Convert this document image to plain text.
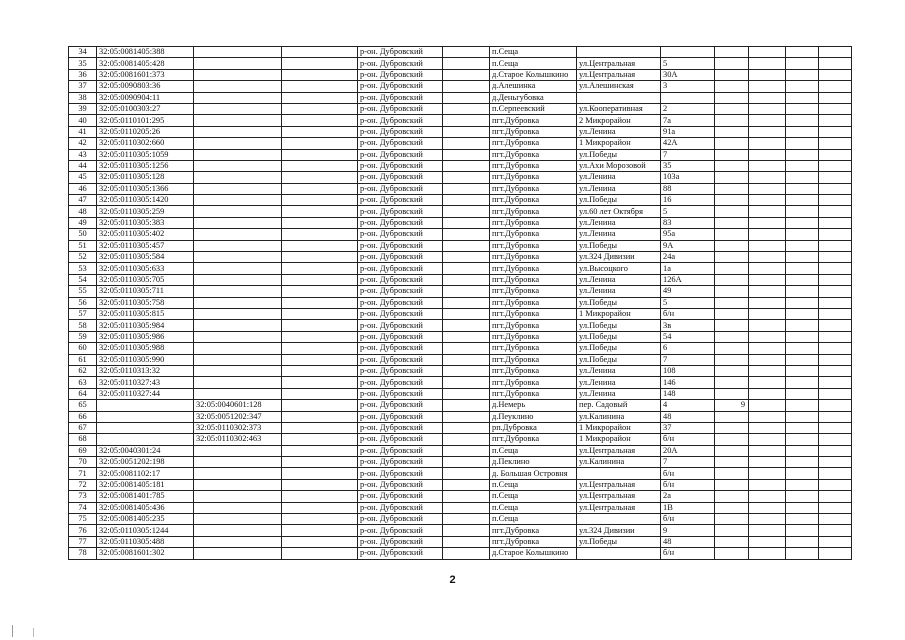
34	32:05:0081405:388			р-он. Дубровский		п.Сеща						
35	32:05:0081405:428			р-он. Дубровский		п.Сеща	ул.Центральная	5				
36	32:05:0081601:373			р-он. Дубровский		д.Старое Колышкино	ул.Центральная	30А				
37	32:05:0090803:36			р-он. Дубровский		д.Алешинка	ул.Алешинская	3				
38	32:05:0090904:11			р-он. Дубровский		д.Деньгубовка						
39	32:05:0100303:27			р-он. Дубровский		п.Серпеевский	ул.Кооперативная	2				
40	32:05:0110101:295			р-он. Дубровский		пгт.Дубровка	2 Микрорайон	7а				
41	32:05:0110205:26			р-он. Дубровский		пгт.Дубровка	ул.Ленина	91а				
42	32:05:0110302:660			р-он. Дубровский		пгт.Дубровка	1 Микрорайон	42А				
43	32:05:0110305:1059			р-он. Дубровский		пгт.Дубровка	ул.Победы	7				
44	32:05:0110305:1256			р-он. Дубровский		пгт.Дубровка	ул.Ахи Морозовой	35				
45	32:05:0110305:128			р-он. Дубровский		пгт.Дубровка	ул.Ленина	103а				
46	32:05:0110305:1366			р-он. Дубровский		пгт.Дубровка	ул.Ленина	88				
47	32:05:0110305:1420			р-он. Дубровский		пгт.Дубровка	ул.Победы	16				
48	32:05:0110305:259			р-он. Дубровский		пгт.Дубровка	ул.60 лет Октября	5				
49	32:05:0110305:383			р-он. Дубровский		пгт.Дубровка	ул.Ленина	83				
50	32:05:0110305:402			р-он. Дубровский		пгт.Дубровка	ул.Ленина	95а				
51	32:05:0110305:457			р-он. Дубровский		пгт.Дубровка	ул.Победы	9А				
52	32:05:0110305:584			р-он. Дубровский		пгт.Дубровка	ул.324 Дивизии	24а				
53	32:05:0110305:633			р-он. Дубровский		пгт.Дубровка	ул.Высоцкого	1а				
54	32:05:0110305:705			р-он. Дубровский		пгт.Дубровка	ул.Ленина	126А				
55	32:05:0110305:711			р-он. Дубровский		пгт.Дубровка	ул.Ленина	49				
56	32:05:0110305:758			р-он. Дубровский		пгт.Дубровка	ул.Победы	5				
57	32:05:0110305:815			р-он. Дубровский		пгт.Дубровка	1 Микрорайон	б/н				
58	32:05:0110305:984			р-он. Дубровский		пгт.Дубровка	ул.Победы	3в				
59	32:05:0110305:986			р-он. Дубровский		пгт.Дубровка	ул.Победы	54				
60	32:05:0110305:988			р-он. Дубровский		пгт.Дубровка	ул.Победы	6				
61	32:05:0110305:990			р-он. Дубровский		пгт.Дубровка	ул.Победы	7				
62	32:05:0110313:32			р-он. Дубровский		пгт.Дубровка	ул.Ленина	108				
63	32:05:0110327:43			р-он. Дубровский		пгт.Дубровка	ул.Ленина	146				
64	32:05:0110327:44			р-он. Дубровский		пгт.Дубровка	ул.Ленина	148				
65		32:05:0040601:128		р-он. Дубровский		д.Немерь	пер. Садовый	4	9			
66		32:05:0051202:347		р-он. Дубровский		д.Пеуклино	ул.Калинина	48				
67		32:05:0110302:373		р-он. Дубровский		рп.Дубровка	1 Микрорайон	37				
68		32:05:0110302:463		р-он. Дубровский		пгт.Дубровка	1 Микрорайон	б/н				
69	32:05:0040301:24			р-он. Дубровский		п.Сеща	ул.Центральная	20А				
70	32:05:0051202:198			р-он. Дубровский		д.Пеклино	ул.Калинина	7				
71	32:05:0081102:17			р-он. Дубровский		д. Большая Островня		б/н				
72	32:05:0081405:181			р-он. Дубровский		п.Сеща	ул.Центральная	б/н				
73	32:05:0081401:785			р-он. Дубровский		п.Сеща	ул.Центральная	2а				
74	32:05:0081405:436			р-он. Дубровский		п.Сеща	ул.Центральная	1В				
75	32:05:0081405:235			р-он. Дубровский		п.Сеща		б/н				
76	32:05:0110305:1244			р-он. Дубровский		пгт.Дубровка	ул.324 Дивизии	9				
77	32:05:0110305:488			р-он. Дубровский		пгт.Дубровка	ул.Победы	48				
78	32:05:0081601:302			р-он. Дубровский		д.Старое Колышкино		б/н				
2
